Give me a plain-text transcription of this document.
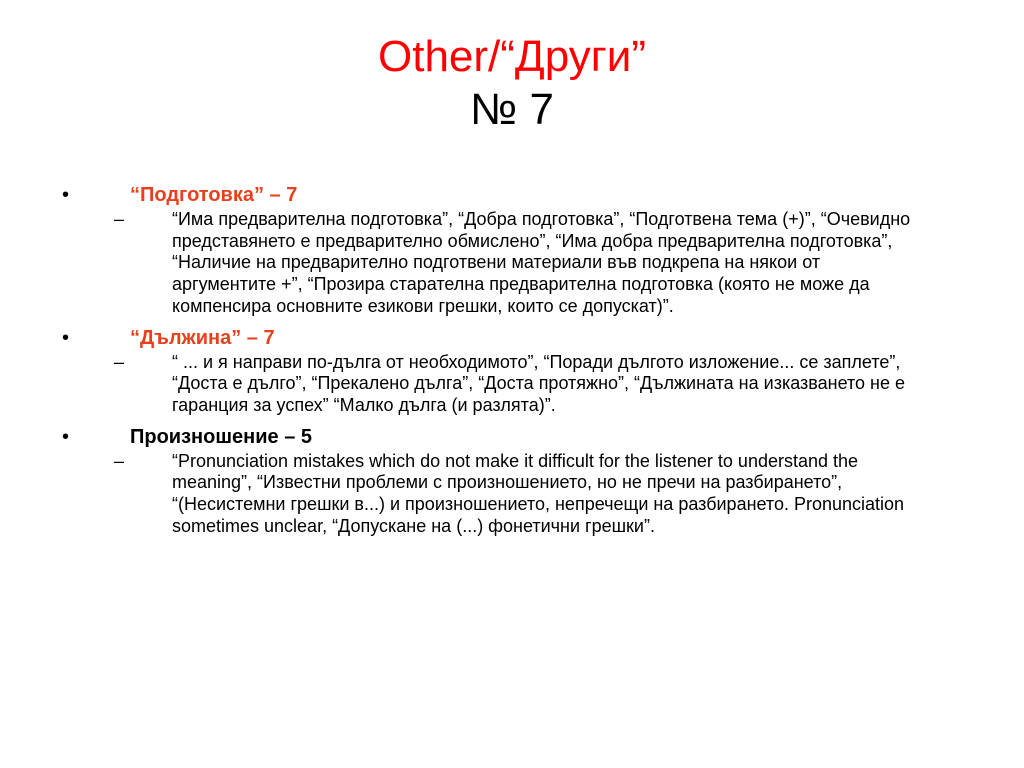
Other/“Други”
№ 7
•	“Подготовка” – 7
–	“Има предварителна подготовка”, “Добра подготовка”, “Подготвена тема (+)”, “Очевидно представянето е предварително обмислено”, “Има добра предварителна подготовка”, “Наличие на предварително подготвени материали във подкрепа на някои от аргументите +”, “Прозира старателна предварителна подготовка (която не може да компенсира основните езикови грешки, които се допускат)”.
•	“Дължина” – 7
–	“ ... и я направи по-дълга от необходимото”, “Поради дългото изложение... се заплете”, “Доста е дълго”, “Прекалено дълга”, “Доста протяжно”, “Дължината на изказването не е гаранция за успех” “Малко дълга (и разлята)”.
•	Произношение – 5
–	“Pronunciation mistakes which do not make it difficult for the listener to understand the meaning”, “Известни проблеми с произношението, но не пречи на разбирането”, “(Несистемни грешки в...) и произношението, непречещи на разбирането. Pronunciation sometimes unclear, “Допускане на (...) фонетични грешки”.
